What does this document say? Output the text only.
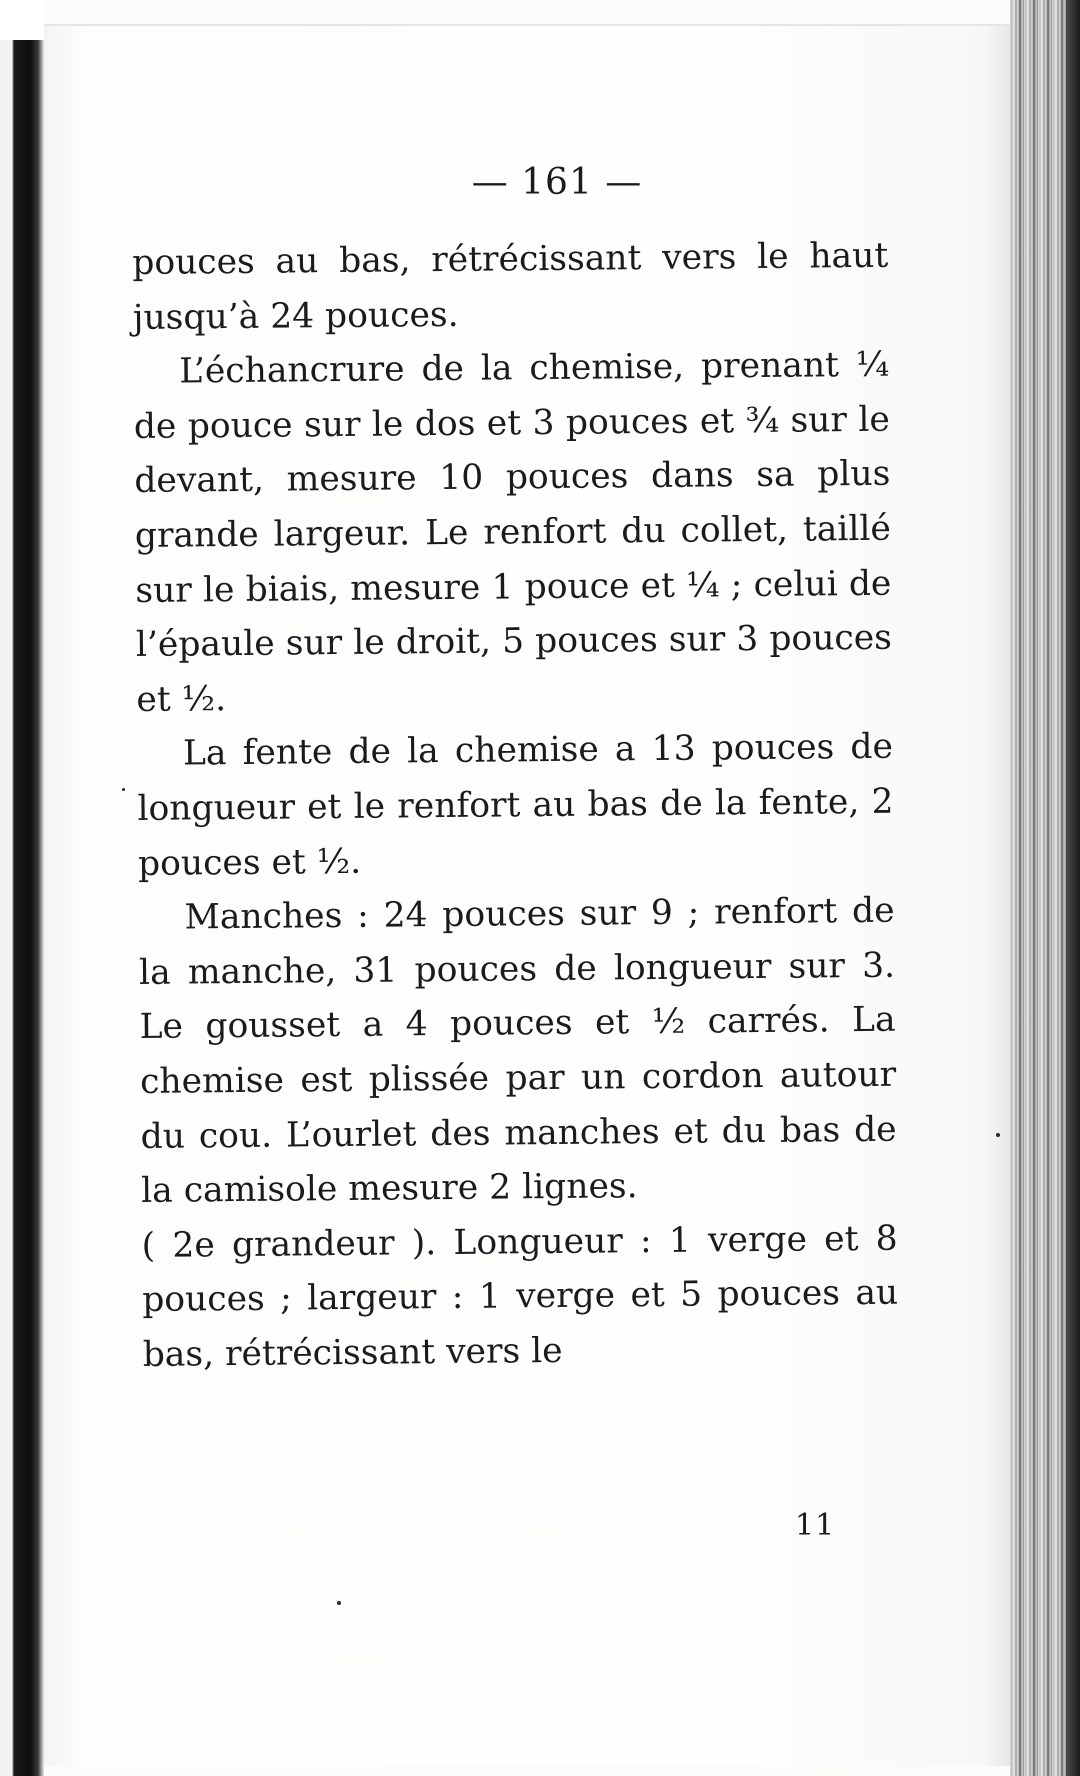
— 161 —

pouces au bas, rétrécissant vers le haut jusqu’à 24 pouces.

L’échancrure de la chemise, prenant ¼ de pouce sur le dos et 3 pouces et ¾ sur le devant, mesure 10 pouces dans sa plus grande largeur. Le renfort du collet, taillé sur le biais, mesure 1 pouce et ¼ ; celui de l’épaule sur le droit, 5 pouces sur 3 pouces et ½.

La fente de la chemise a 13 pouces de longueur et le renfort au bas de la fente, 2 pouces et ½.

Manches : 24 pouces sur 9 ; renfort de la manche, 31 pouces de longueur sur 3. Le gousset a 4 pouces et ½ carrés. La chemise est plissée par un cordon autour du cou. L’ourlet des manches et du bas de la camisole mesure 2 lignes.

( 2e grandeur ). Longueur : 1 verge et 8 pouces ; largeur : 1 verge et 5 pouces au bas, rétrécissant vers le

11
